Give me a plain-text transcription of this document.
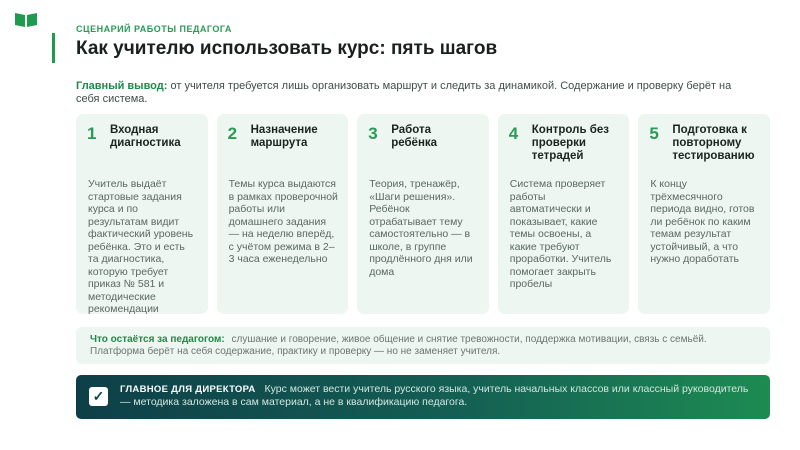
СЦЕНАРИЙ РАБОТЫ ПЕДАГОГА
Как учителю использовать курс: пять шагов
Главный вывод: от учителя требуется лишь организовать маршрут и следить за динамикой. Содержание и проверку берёт на себя система.
1 Входная диагностика
Учитель выдаёт стартовые задания курса и по результатам видит фактический уровень ребёнка. Это и есть та диагностика, которую требует приказ № 581 и методические рекомендации
2 Назначение маршрута
Темы курса выдаются в рамках проверочной работы или домашнего задания — на неделю вперёд, с учётом режима в 2–3 часа еженедельно
3 Работа ребёнка
Теория, тренажёр, «Шаги решения». Ребёнок отрабатывает тему самостоятельно — в школе, в группе продлённого дня или дома
4 Контроль без проверки тетрадей
Система проверяет работы автоматически и показывает, какие темы освоены, а какие требуют проработки. Учитель помогает закрыть пробелы
5 Подготовка к повторному тестированию
К концу трёхмесячного периода видно, готов ли ребёнок по каким темам результат устойчивый, а что нужно доработать
Что остаётся за педагогом: слушание и говорение, живое общение и снятие тревожности, поддержка мотивации, связь с семьёй. Платформа берёт на себя содержание, практику и проверку — но не заменяет учителя.
✓	ГЛАВНОЕ ДЛЯ ДИРЕКТОРА Курс может вести учитель русского языка, учитель начальных классов или классный руководитель — методика заложена в сам материал, а не в квалификацию педагога.
